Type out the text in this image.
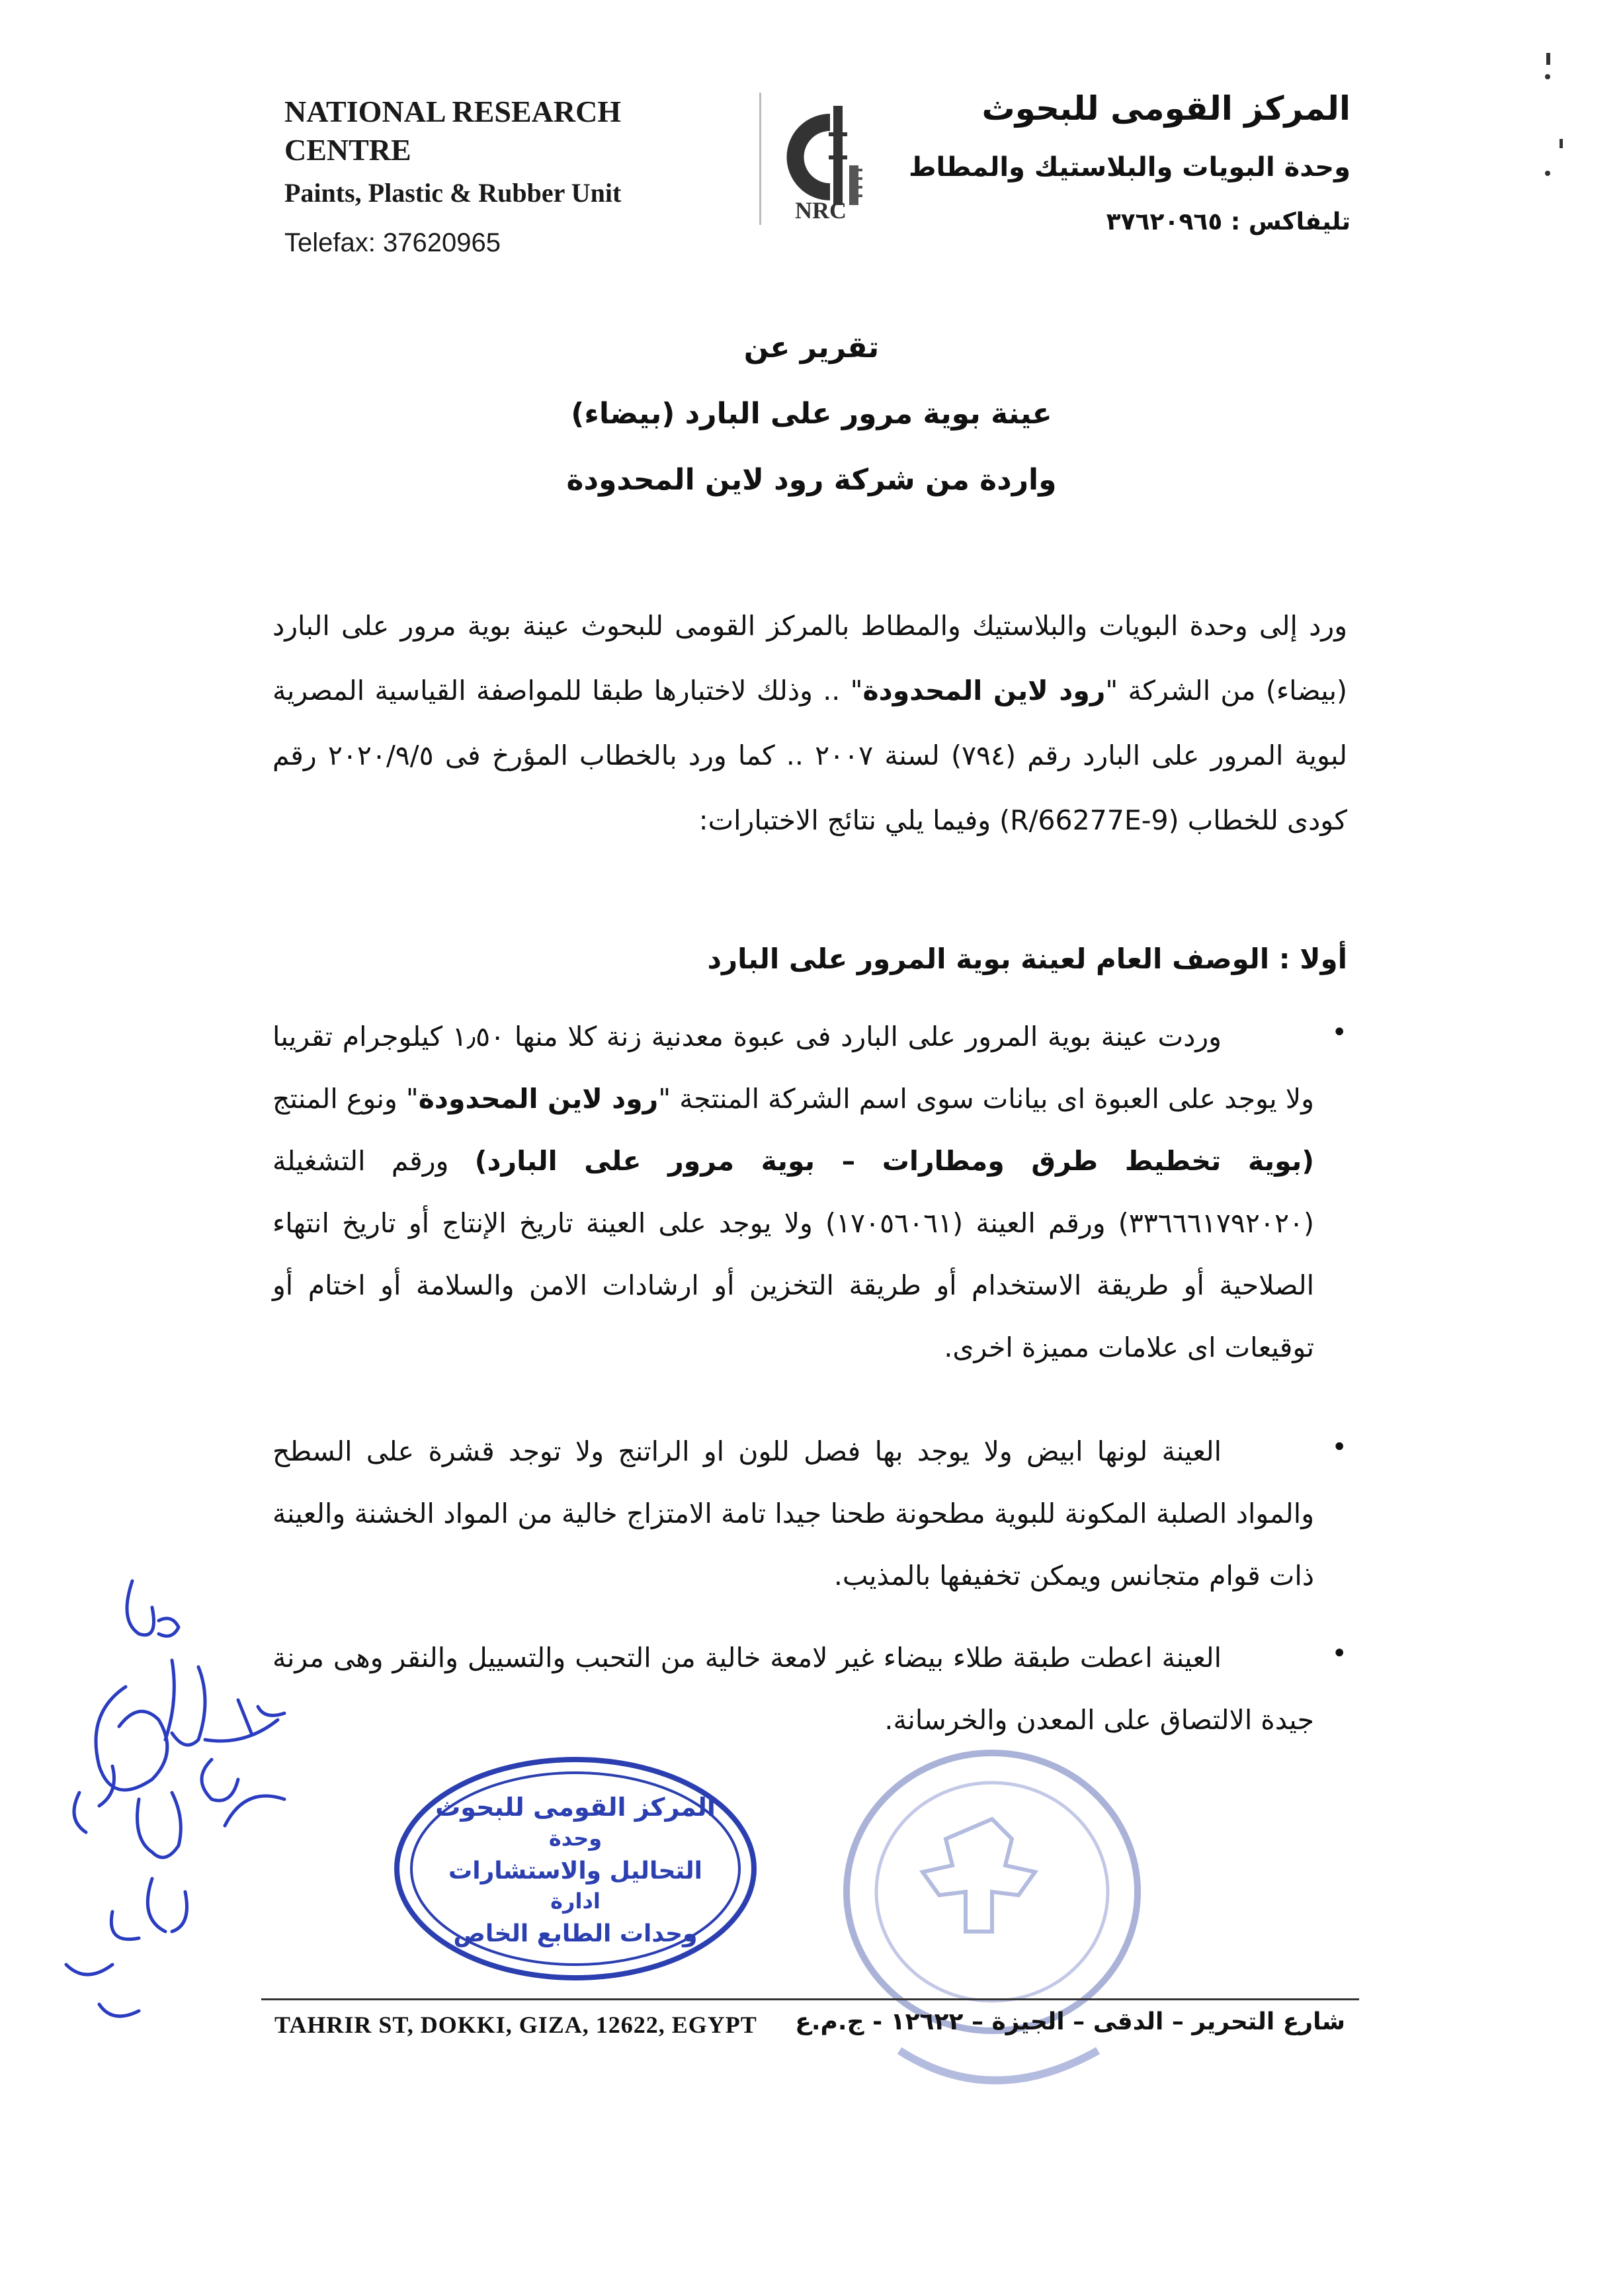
NATIONAL RESEARCH
CENTRE
Paints, Plastic & Rubber Unit
Telefax: 37620965
NRC
المركز القومى للبحوث
وحدة البويات والبلاستيك والمطاط
تليفاكس : ٣٧٦٢٠٩٦٥
تقرير عن
عينة بوية مرور على البارد (بيضاء)
واردة من شركة رود لاين المحدودة
ورد إلى وحدة البويات والبلاستيك والمطاط بالمركز القومى للبحوث عينة بوية مرور على البارد (بيضاء) من الشركة "رود لاين المحدودة" .. وذلك لاختبارها طبقا للمواصفة القياسية المصرية لبوية المرور على البارد رقم (٧٩٤) لسنة ٢٠٠٧ .. كما ورد بالخطاب المؤرخ فى ٢٠٢٠/٩/٥ رقم كودى للخطاب (R/66277E-9) وفيما يلي نتائج الاختبارات:
أولا : الوصف العام لعينة بوية المرور على البارد
•
وردت عينة بوية المرور على البارد فى عبوة معدنية زنة كلا منها ١٫٥٠ كيلوجرام تقريبا ولا يوجد على العبوة اى بيانات سوى اسم الشركة المنتجة "رود لاين المحدودة" ونوع المنتج (بوية تخطيط طرق ومطارات – بوية مرور على البارد) ورقم التشغيلة (٣٣٦٦٦١٧٩٢٠٢٠) ورقم العينة (١٧٠٥٦٠٦١) ولا يوجد على العينة تاريخ الإنتاج أو تاريخ انتهاء الصلاحية أو طريقة الاستخدام أو طريقة التخزين أو ارشادات الامن والسلامة أو اختام أو توقيعات اى علامات مميزة اخرى.
•
العينة لونها ابيض ولا يوجد بها فصل للون او الراتنج ولا توجد قشرة على السطح والمواد الصلبة المكونة للبوية مطحونة طحنا جيدا تامة الامتزاج خالية من المواد الخشنة والعينة ذات قوام متجانس ويمكن تخفيفها بالمذيب.
•
العينة اعطت طبقة طلاء بيضاء غير لامعة خالية من التحبب والتسييل والنقر وهى مرنة جيدة الالتصاق على المعدن والخرسانة.
المركز القومى للبحوث
وحدة
التحاليل والاستشارات
ادارة
وحدات الطابع الخاص
TAHRIR ST, DOKKI, GIZA, 12622, EGYPT شارع التحرير – الدقى – الجيزة – ١٢٦٢٢ - ج.م.ع
